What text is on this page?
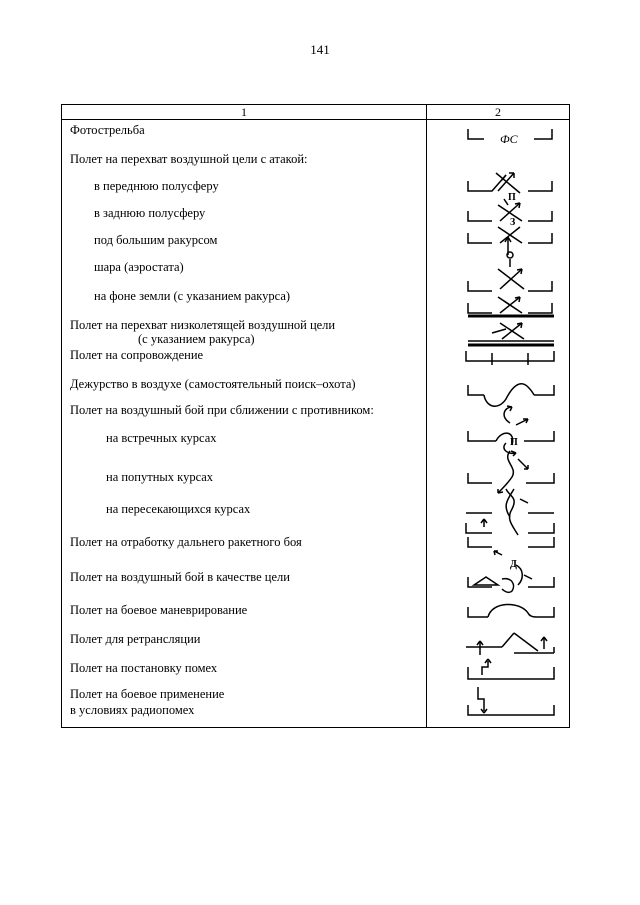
141
1	2
Фотострельба
Полет на перехват воздушной цели с атакой:
в переднюю полусферу
в заднюю полусферу
под большим ракурсом
шара (аэростата)
на фоне земли (с указанием ракурса)
Полет на перехват низколетящей воздушной цели
(с указанием ракурса)
Полет на сопровождение
Дежурство в воздухе (самостоятельный поиск–охота)
Полет на воздушный бой при сближении с противником:
на встречных курсах
на попутных курсах
на пересекающихся курсах
Полет на отработку дальнего ракетного боя
Полет на воздушный бой в качестве цели
Полет на боевое маневрирование
Полет для ретрансляции
Полет на постановку помех
Полет на боевое применение
в условиях радиопомех
ФС
П
З
П
Д
